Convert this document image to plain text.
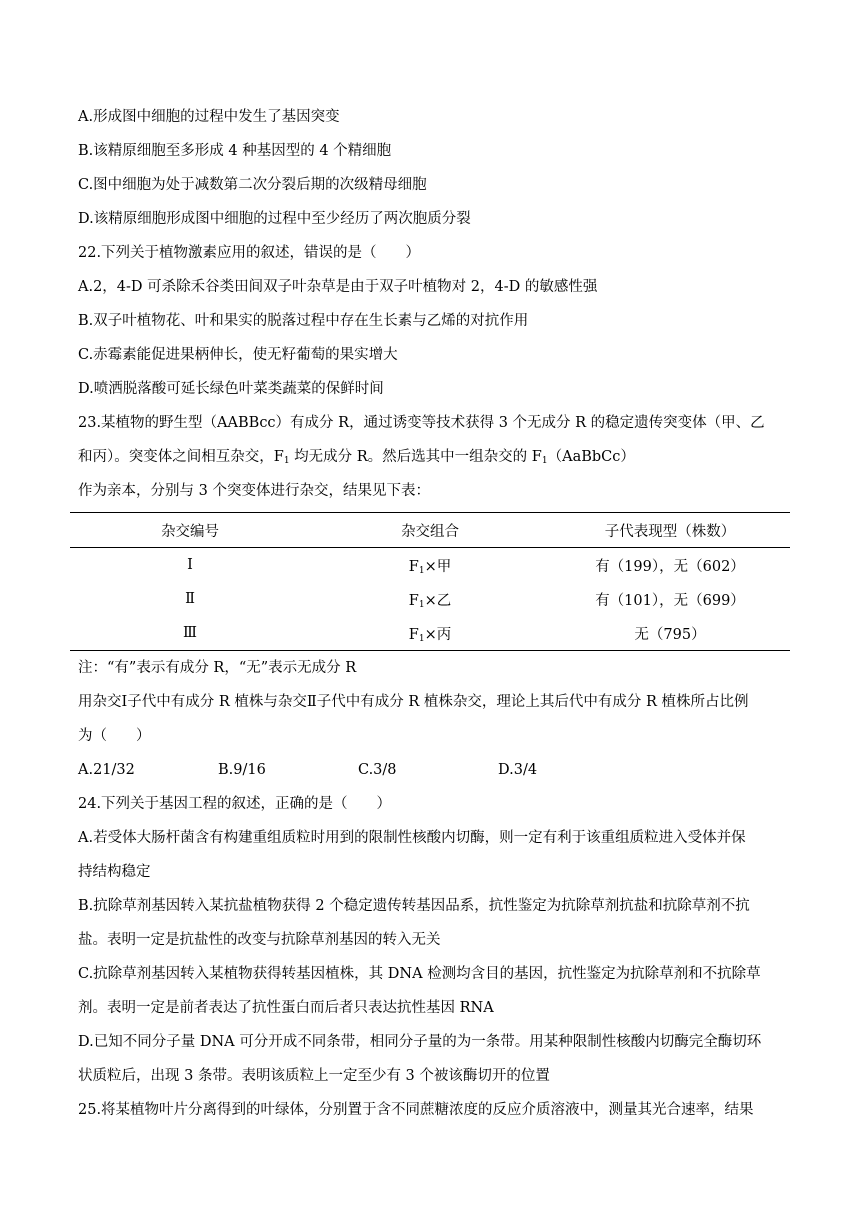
A.形成图中细胞的过程中发生了基因突变
B.该精原细胞至多形成 4 种基因型的 4 个精细胞
C.图中细胞为处于减数第二次分裂后期的次级精母细胞
D.该精原细胞形成图中细胞的过程中至少经历了两次胞质分裂
22.下列关于植物激素应用的叙述，错误的是（　　）
A.2，4-D 可杀除禾谷类田间双子叶杂草是由于双子叶植物对 2，4-D 的敏感性强
B.双子叶植物花、叶和果实的脱落过程中存在生长素与乙烯的对抗作用
C.赤霉素能促进果柄伸长，使无籽葡萄的果实增大
D.喷洒脱落酸可延长绿色叶菜类蔬菜的保鲜时间
23.某植物的野生型（AABBcc）有成分 R，通过诱变等技术获得 3 个无成分 R 的稳定遗传突变体（甲、乙
和丙）。突变体之间相互杂交，$F_1$ 均无成分 R。然后选其中一组杂交的 $F_1(AaBbCc)$
作为亲本，分别与 3 个突变体进行杂交，结果见下表：
杂交编号	杂交组合	子代表现型（株数）
Ⅰ	$F_1\times$甲	有（199），无（602）
Ⅱ	$F_1\times$乙	有（101），无（699）
Ⅲ	$F_1\times$丙	无（795）
注：“有”表示有成分 R，“无”表示无成分 R
用杂交Ⅰ子代中有成分 R 植株与杂交Ⅱ子代中有成分 R 植株杂交，理论上其后代中有成分 R 植株所占比例
为（　　）
A.21/32	B.9/16	C.3/8	D.3/4
24.下列关于基因工程的叙述，正确的是（　　）
A.若受体大肠杆菌含有构建重组质粒时用到的限制性核酸内切酶，则一定有利于该重组质粒进入受体并保
持结构稳定
B.抗除草剂基因转入某抗盐植物获得 2 个稳定遗传转基因品系，抗性鉴定为抗除草剂抗盐和抗除草剂不抗
盐。表明一定是抗盐性的改变与抗除草剂基因的转入无关
C.抗除草剂基因转入某植物获得转基因植株，其 DNA 检测均含目的基因，抗性鉴定为抗除草剂和不抗除草
剂。表明一定是前者表达了抗性蛋白而后者只表达抗性基因 RNA
D.已知不同分子量 DNA 可分开成不同条带，相同分子量的为一条带。用某种限制性核酸内切酶完全酶切环
状质粒后，出现 3 条带。表明该质粒上一定至少有 3 个被该酶切开的位置
25.将某植物叶片分离得到的叶绿体，分别置于含不同蔗糖浓度的反应介质溶液中，测量其光合速率，结果
